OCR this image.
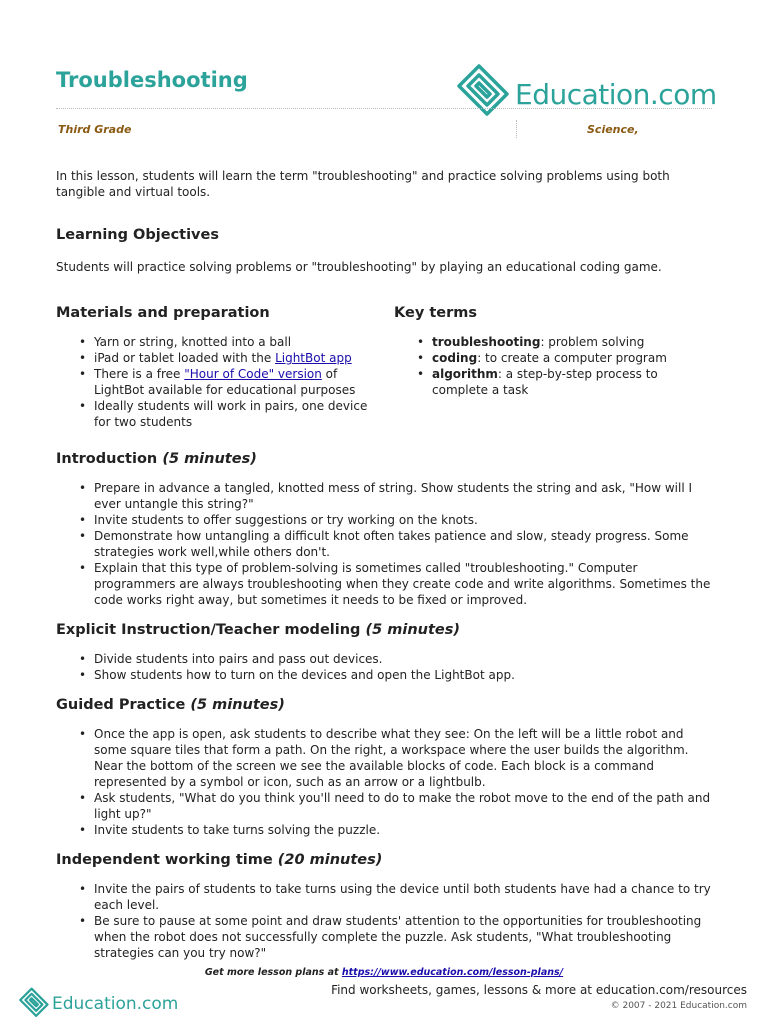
Troubleshooting	Education.com
Third Grade	Science,
In this lesson, students will learn the term "troubleshooting" and practice solving problems using both tangible and virtual tools.
Learning Objectives
Students will practice solving problems or "troubleshooting" by playing an educational coding game.
Materials and preparation
• Yarn or string, knotted into a ball
• iPad or tablet loaded with the LightBot app
• There is a free "Hour of Code" version of LightBot available for educational purposes
• Ideally students will work in pairs, one device for two students
Key terms
• troubleshooting: problem solving
• coding: to create a computer program
• algorithm: a step-by-step process to complete a task
Introduction (5 minutes)
• Prepare in advance a tangled, knotted mess of string. Show students the string and ask, "How will I ever untangle this string?"
• Invite students to offer suggestions or try working on the knots.
• Demonstrate how untangling a difficult knot often takes patience and slow, steady progress. Some strategies work well,while others don't.
• Explain that this type of problem-solving is sometimes called "troubleshooting." Computer programmers are always troubleshooting when they create code and write algorithms. Sometimes the code works right away, but sometimes it needs to be fixed or improved.
Explicit Instruction/Teacher modeling (5 minutes)
• Divide students into pairs and pass out devices.
• Show students how to turn on the devices and open the LightBot app.
Guided Practice (5 minutes)
• Once the app is open, ask students to describe what they see: On the left will be a little robot and some square tiles that form a path. On the right, a workspace where the user builds the algorithm. Near the bottom of the screen we see the available blocks of code. Each block is a command represented by a symbol or icon, such as an arrow or a lightbulb.
• Ask students, "What do you think you'll need to do to make the robot move to the end of the path and light up?"
• Invite students to take turns solving the puzzle.
Independent working time (20 minutes)
• Invite the pairs of students to take turns using the device until both students have had a chance to try each level.
• Be sure to pause at some point and draw students' attention to the opportunities for troubleshooting when the robot does not successfully complete the puzzle. Ask students, "What troubleshooting strategies can you try now?"
Get more lesson plans at https://www.education.com/lesson-plans/
Education.com
Find worksheets, games, lessons & more at education.com/resources
© 2007 - 2021 Education.com
